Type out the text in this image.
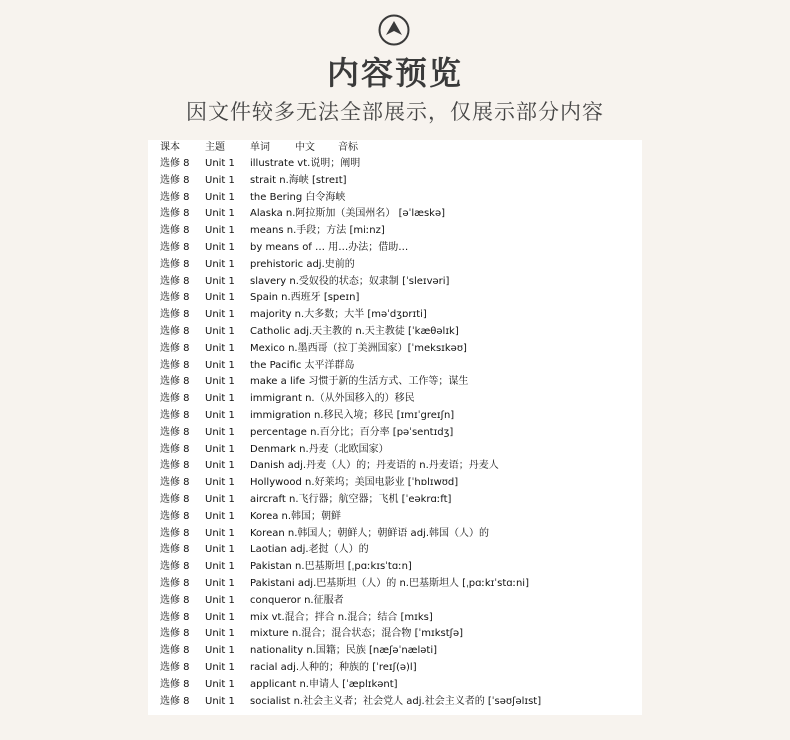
内容预览
因文件较多无法全部展示，仅展示部分内容
课本	主题	单词	中文 音标
选修 8 Unit 1 illustrate vt.说明；阐明
选修 8 Unit 1 strait n.海峡 [streɪt]
选修 8 Unit 1 the Bering 白令海峡
选修 8 Unit 1 Alaska n.阿拉斯加（美国州名） [əˈlæskə]
选修 8 Unit 1 means n.手段；方法 [miːnz]
选修 8 Unit 1 by means of … 用…办法；借助…
选修 8 Unit 1 prehistoric adj.史前的
选修 8 Unit 1 slavery n.受奴役的状态；奴隶制 [ˈsleɪvəri]
选修 8 Unit 1 Spain n.西班牙 [speɪn]
选修 8 Unit 1 majority n.大多数；大半 [məˈdʒɒrɪti]
选修 8 Unit 1 Catholic adj.天主教的 n.天主教徒 [ˈkæθəlɪk]
选修 8 Unit 1 Mexico n.墨西哥（拉丁美洲国家）[ˈmeksɪkəʊ]
选修 8 Unit 1 the Pacific 太平洋群岛
选修 8 Unit 1 make a life 习惯于新的生活方式、工作等；谋生
选修 8 Unit 1 immigrant n.（从外国移入的）移民
选修 8 Unit 1 immigration n.移民入境；移民 [ɪmɪˈgreɪʃn]
选修 8 Unit 1 percentage n.百分比；百分率 [pəˈsentɪdʒ]
选修 8 Unit 1 Denmark n.丹麦（北欧国家）
选修 8 Unit 1 Danish adj.丹麦（人）的；丹麦语的 n.丹麦语；丹麦人
选修 8 Unit 1 Hollywood n.好莱坞；美国电影业 [ˈhɒlɪwʊd]
选修 8 Unit 1 aircraft n.飞行器；航空器；飞机 [ˈeəkrɑːft]
选修 8 Unit 1 Korea n.韩国；朝鲜
选修 8 Unit 1 Korean n.韩国人；朝鲜人；朝鲜语 adj.韩国（人）的
选修 8 Unit 1 Laotian adj.老挝（人）的
选修 8 Unit 1 Pakistan n.巴基斯坦 [ˌpɑːkɪsˈtɑːn]
选修 8 Unit 1 Pakistani adj.巴基斯坦（人）的 n.巴基斯坦人 [ˌpɑːkɪˈstɑːni]
选修 8 Unit 1 conqueror n.征服者
选修 8 Unit 1 mix vt.混合；拌合 n.混合；结合 [mɪks]
选修 8 Unit 1 mixture n.混合；混合状态；混合物 [ˈmɪkstʃə]
选修 8 Unit 1 nationality n.国籍；民族 [næʃəˈnæləti]
选修 8 Unit 1 racial adj.人种的；种族的 [ˈreɪʃ(ə)l]
选修 8 Unit 1 applicant n.申请人 [ˈæplɪkənt]
选修 8 Unit 1 socialist n.社会主义者；社会党人 adj.社会主义者的 [ˈsəʊʃəlɪst]
